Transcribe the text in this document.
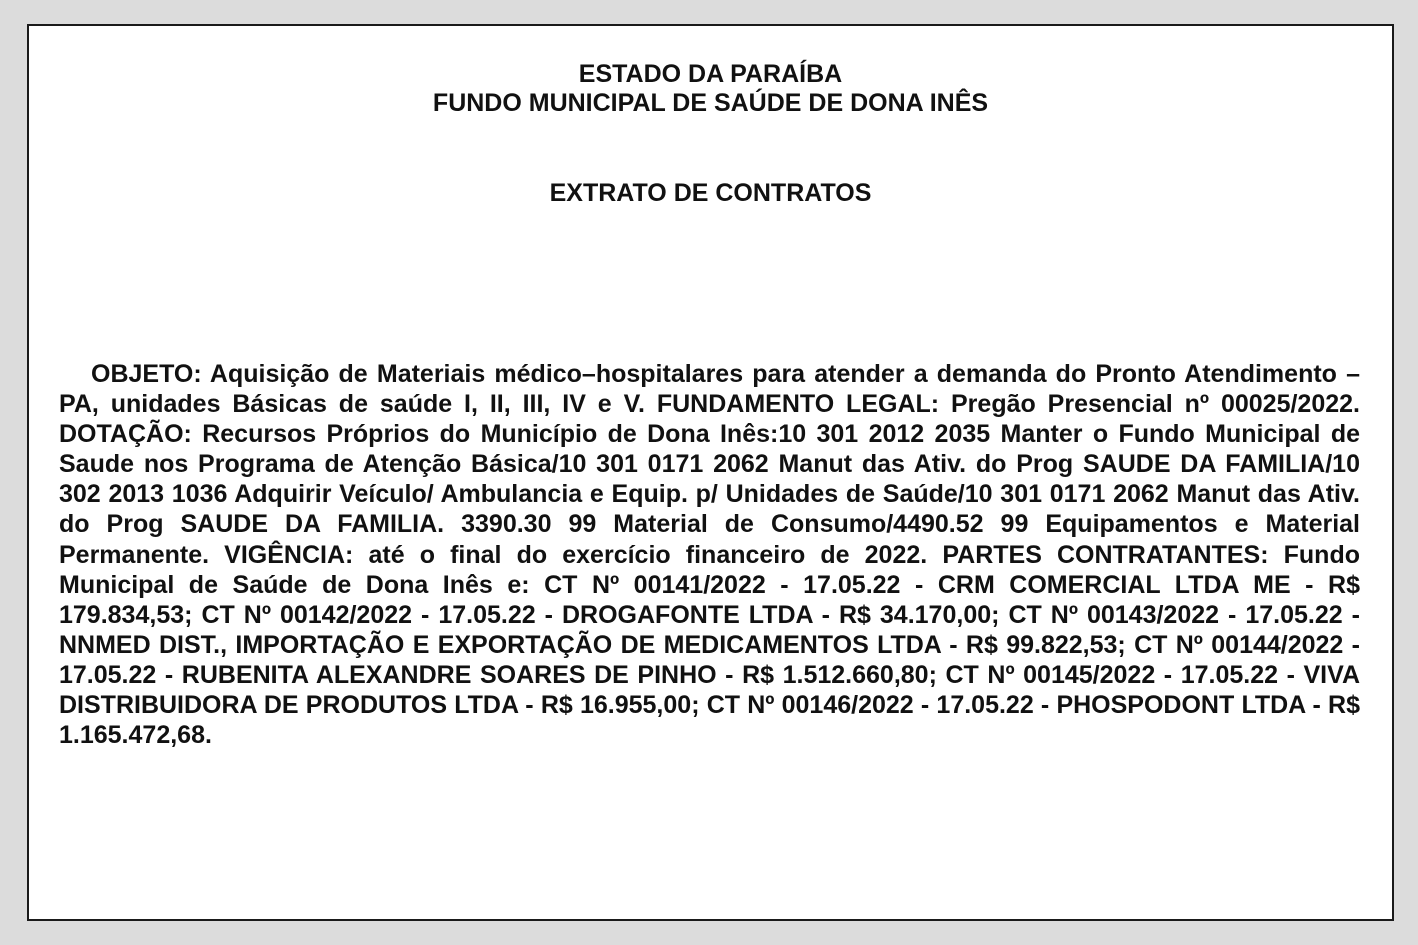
ESTADO DA PARAÍBA
FUNDO MUNICIPAL DE SAÚDE DE DONA INÊS
EXTRATO DE CONTRATOS

OBJETO: Aquisição de Materiais médico–hospitalares para atender a demanda do Pronto Atendimento – PA, unidades Básicas de saúde I, II, III, IV e V. FUNDAMENTO LEGAL: Pregão Presencial nº 00025/2022. DOTAÇÃO: Recursos Próprios do Município de Dona Inês:10 301 2012 2035 Manter o Fundo Municipal de Saude nos Programa de Atenção Básica/10 301 0171 2062 Manut das Ativ. do Prog SAUDE DA FAMILIA/10 302 2013 1036 Adquirir Veículo/ Ambulancia e Equip. p/ Unidades de Saúde/10 301 0171 2062 Manut das Ativ. do Prog SAUDE DA FAMILIA. 3390.30 99 Material de Consumo/4490.52 99 Equipamentos e Material Permanente. VIGÊNCIA: até o final do exercício financeiro de 2022. PARTES CONTRATANTES: Fundo Municipal de Saúde de Dona Inês e: CT Nº 00141/2022 - 17.05.22 - CRM COMERCIAL LTDA ME - R$ 179.834,53; CT Nº 00142/2022 - 17.05.22 - DROGAFONTE LTDA - R$ 34.170,00; CT Nº 00143/2022 - 17.05.22 - NNMED DIST., IMPORTAÇÃO E EXPORTAÇÃO DE MEDICAMENTOS LTDA - R$ 99.822,53; CT Nº 00144/2022 - 17.05.22 - RUBENITA ALEXANDRE SOARES DE PINHO - R$ 1.512.660,80; CT Nº 00145/2022 - 17.05.22 - VIVA DISTRIBUIDORA DE PRODUTOS LTDA - R$ 16.955,00; CT Nº 00146/2022 - 17.05.22 - PHOSPODONT LTDA - R$ 1.165.472,68.
